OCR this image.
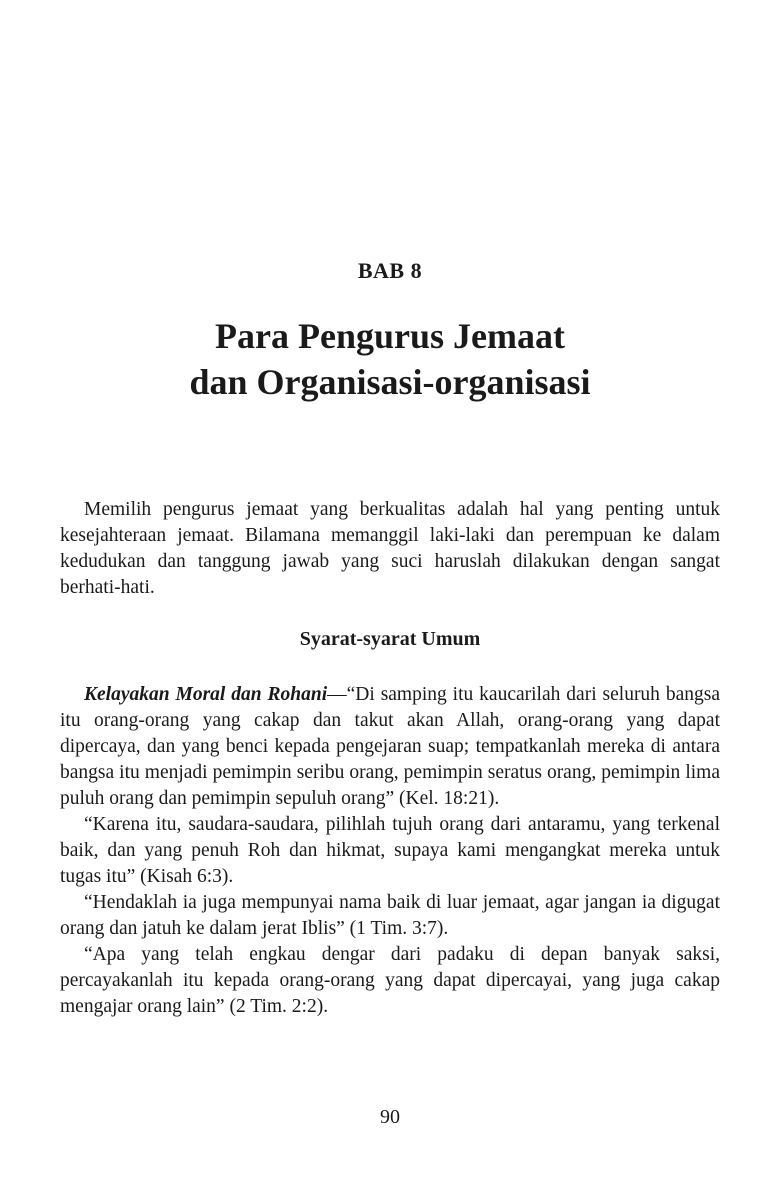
BAB 8
Para Pengurus Jemaat
dan Organisasi-organisasi

Memilih pengurus jemaat yang berkualitas adalah hal yang penting untuk kesejahteraan jemaat. Bilamana memanggil laki-laki dan perempuan ke dalam kedudukan dan tanggung jawab yang suci haruslah dilakukan dengan sangat berhati-hati.

Syarat-syarat Umum

Kelayakan Moral dan Rohani—“Di samping itu kaucarilah dari seluruh bangsa itu orang-orang yang cakap dan takut akan Allah, orang-orang yang dapat dipercaya, dan yang benci kepada pengejaran suap; tempatkanlah mereka di antara bangsa itu menjadi pemimpin seribu orang, pemimpin seratus orang, pemimpin lima puluh orang dan pemimpin sepuluh orang” (Kel. 18:21).

“Karena itu, saudara-saudara, pilihlah tujuh orang dari antaramu, yang terkenal baik, dan yang penuh Roh dan hikmat, supaya kami mengangkat mereka untuk tugas itu” (Kisah 6:3).

“Hendaklah ia juga mempunyai nama baik di luar jemaat, agar jangan ia digugat orang dan jatuh ke dalam jerat Iblis” (1 Tim. 3:7).

“Apa yang telah engkau dengar dari padaku di depan banyak saksi, percayakanlah itu kepada orang-orang yang dapat dipercayai, yang juga cakap mengajar orang lain” (2 Tim. 2:2).

90
